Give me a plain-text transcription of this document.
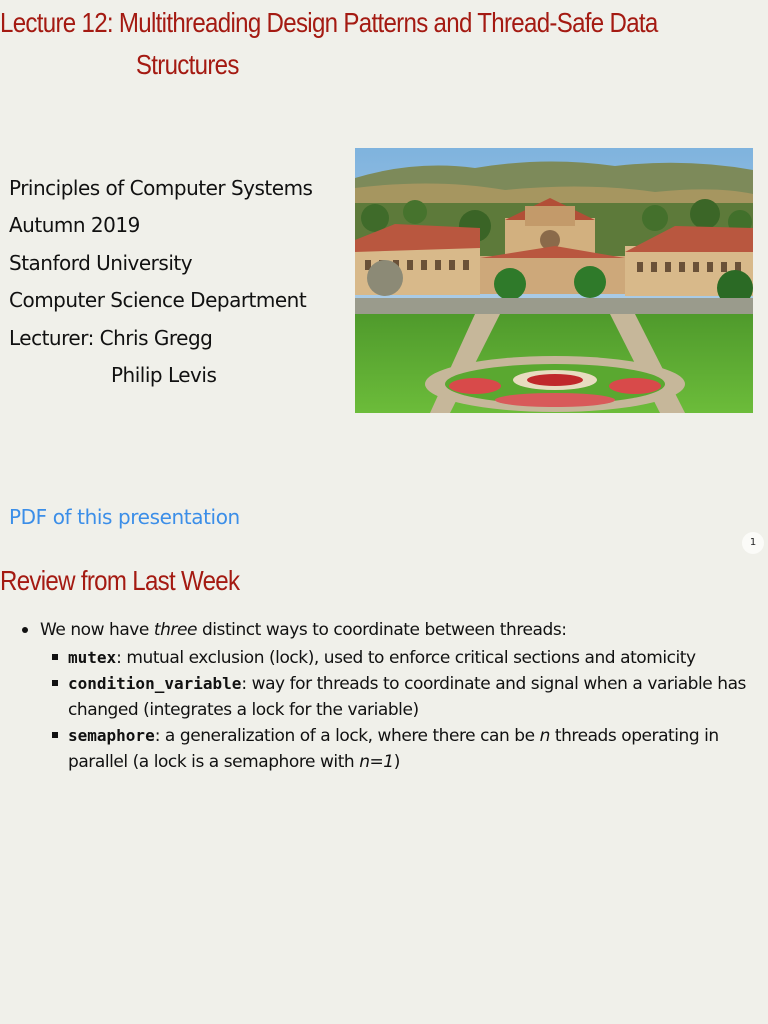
Lecture 12: Multithreading Design Patterns and Thread-Safe Data
Structures
Principles of Computer Systems
Autumn 2019
Stanford University
Computer Science Department
Lecturer: Chris Gregg
Philip Levis
PDF of this presentation
1
Review from Last Week
We now have three distinct ways to coordinate between threads:
mutex: mutual exclusion (lock), used to enforce critical sections and atomicity
condition_variable: way for threads to coordinate and signal when a variable has changed (integrates a lock for the variable)
semaphore: a generalization of a lock, where there can be n threads operating in parallel (a lock is a semaphore with n=1)
